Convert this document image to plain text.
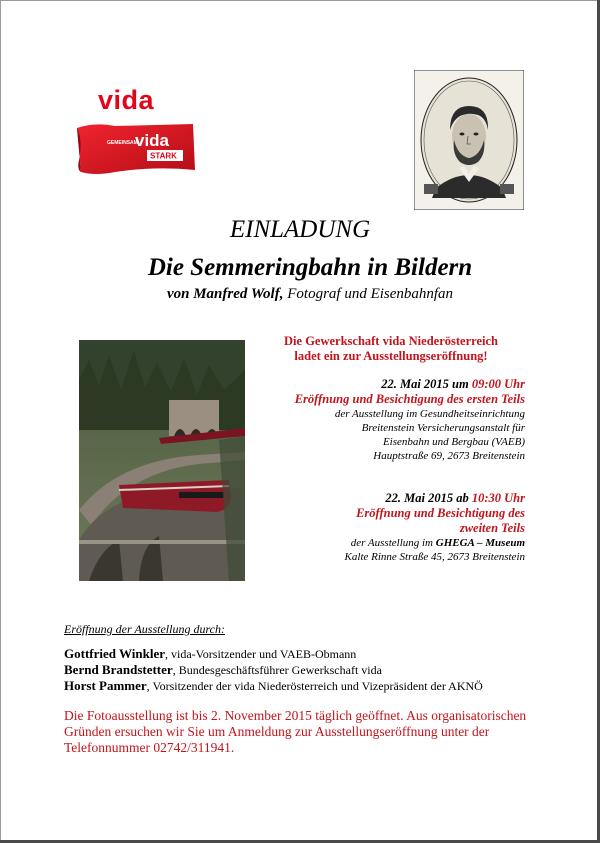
vida
GEMEINSAM
vida
STARK
EINLADUNG
Die Semmeringbahn in Bildern
von Manfred Wolf, Fotograf und Eisenbahnfan
Die Gewerkschaft vida Niederösterreich
ladet ein zur Ausstellungseröffnung!
22. Mai 2015 um 09:00 Uhr
Eröffnung und Besichtigung des ersten Teils
der Ausstellung im Gesundheitseinrichtung
Breitenstein Versicherungsanstalt für
Eisenbahn und Bergbau (VAEB)
Hauptstraße 69, 2673 Breitenstein
22. Mai 2015 ab 10:30 Uhr
Eröffnung und Besichtigung des
zweiten Teils
der Ausstellung im GHEGA – Museum
Kalte Rinne Straße 45, 2673 Breitenstein
Eröffnung der Ausstellung durch:
Gottfried Winkler, vida-Vorsitzender und VAEB-Obmann
Bernd Brandstetter, Bundesgeschäftsführer Gewerkschaft vida
Horst Pammer, Vorsitzender der vida Niederösterreich und Vizepräsident der AKNÖ
Die Fotoausstellung ist bis 2. November 2015 täglich geöffnet. Aus organisatorischen Gründen ersuchen wir Sie um Anmeldung zur Ausstellungseröffnung unter der Telefonnummer 02742/311941.
